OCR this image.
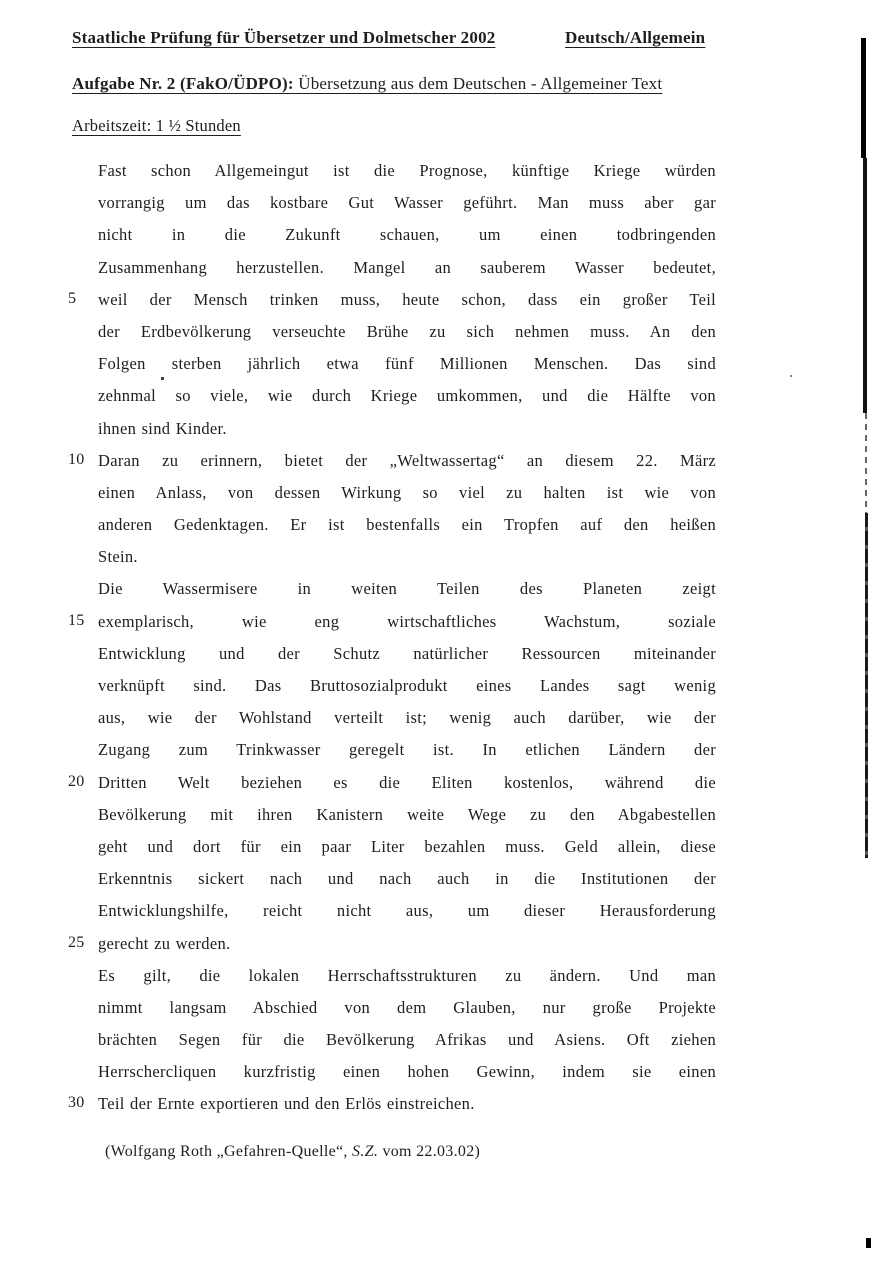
Staatliche Prüfung für Übersetzer und Dolmetscher 2002	Deutsch/Allgemein
Aufgabe Nr. 2 (FakO/ÜDPO): Übersetzung aus dem Deutschen - Allgemeiner Text
Arbeitszeit: 1 ½ Stunden
Fast schon Allgemeingut ist die Prognose, künftige Kriege würden
vorrangig um das kostbare Gut Wasser geführt. Man muss aber gar
nicht in die Zukunft schauen, um einen todbringenden
Zusammenhang herzustellen. Mangel an sauberem Wasser bedeutet,
5	weil der Mensch trinken muss, heute schon, dass ein großer Teil
der Erdbevölkerung verseuchte Brühe zu sich nehmen muss. An den
Folgen sterben jährlich etwa fünf Millionen Menschen. Das sind
zehnmal so viele, wie durch Kriege umkommen, und die Hälfte von
ihnen sind Kinder.
10 Daran zu erinnern, bietet der „Weltwassertag“ an diesem 22. März
einen Anlass, von dessen Wirkung so viel zu halten ist wie von
anderen Gedenktagen. Er ist bestenfalls ein Tropfen auf den heißen
Stein.
Die Wassermisere in weiten Teilen des Planeten zeigt
15 exemplarisch, wie eng wirtschaftliches Wachstum, soziale
Entwicklung und der Schutz natürlicher Ressourcen miteinander
verknüpft sind. Das Bruttosozialprodukt eines Landes sagt wenig
aus, wie der Wohlstand verteilt ist; wenig auch darüber, wie der
Zugang zum Trinkwasser geregelt ist. In etlichen Ländern der
20 Dritten Welt beziehen es die Eliten kostenlos, während die
Bevölkerung mit ihren Kanistern weite Wege zu den Abgabestellen
geht und dort für ein paar Liter bezahlen muss. Geld allein, diese
Erkenntnis sickert nach und nach auch in die Institutionen der
Entwicklungshilfe, reicht nicht aus, um dieser Herausforderung
25 gerecht zu werden.
Es gilt, die lokalen Herrschaftsstrukturen zu ändern. Und man
nimmt langsam Abschied von dem Glauben, nur große Projekte
brächten Segen für die Bevölkerung Afrikas und Asiens. Oft ziehen
Herrschercliquen kurzfristig einen hohen Gewinn, indem sie einen
30 Teil der Ernte exportieren und den Erlös einstreichen.
(Wolfgang Roth „Gefahren-Quelle“, S.Z. vom 22.03.02)
